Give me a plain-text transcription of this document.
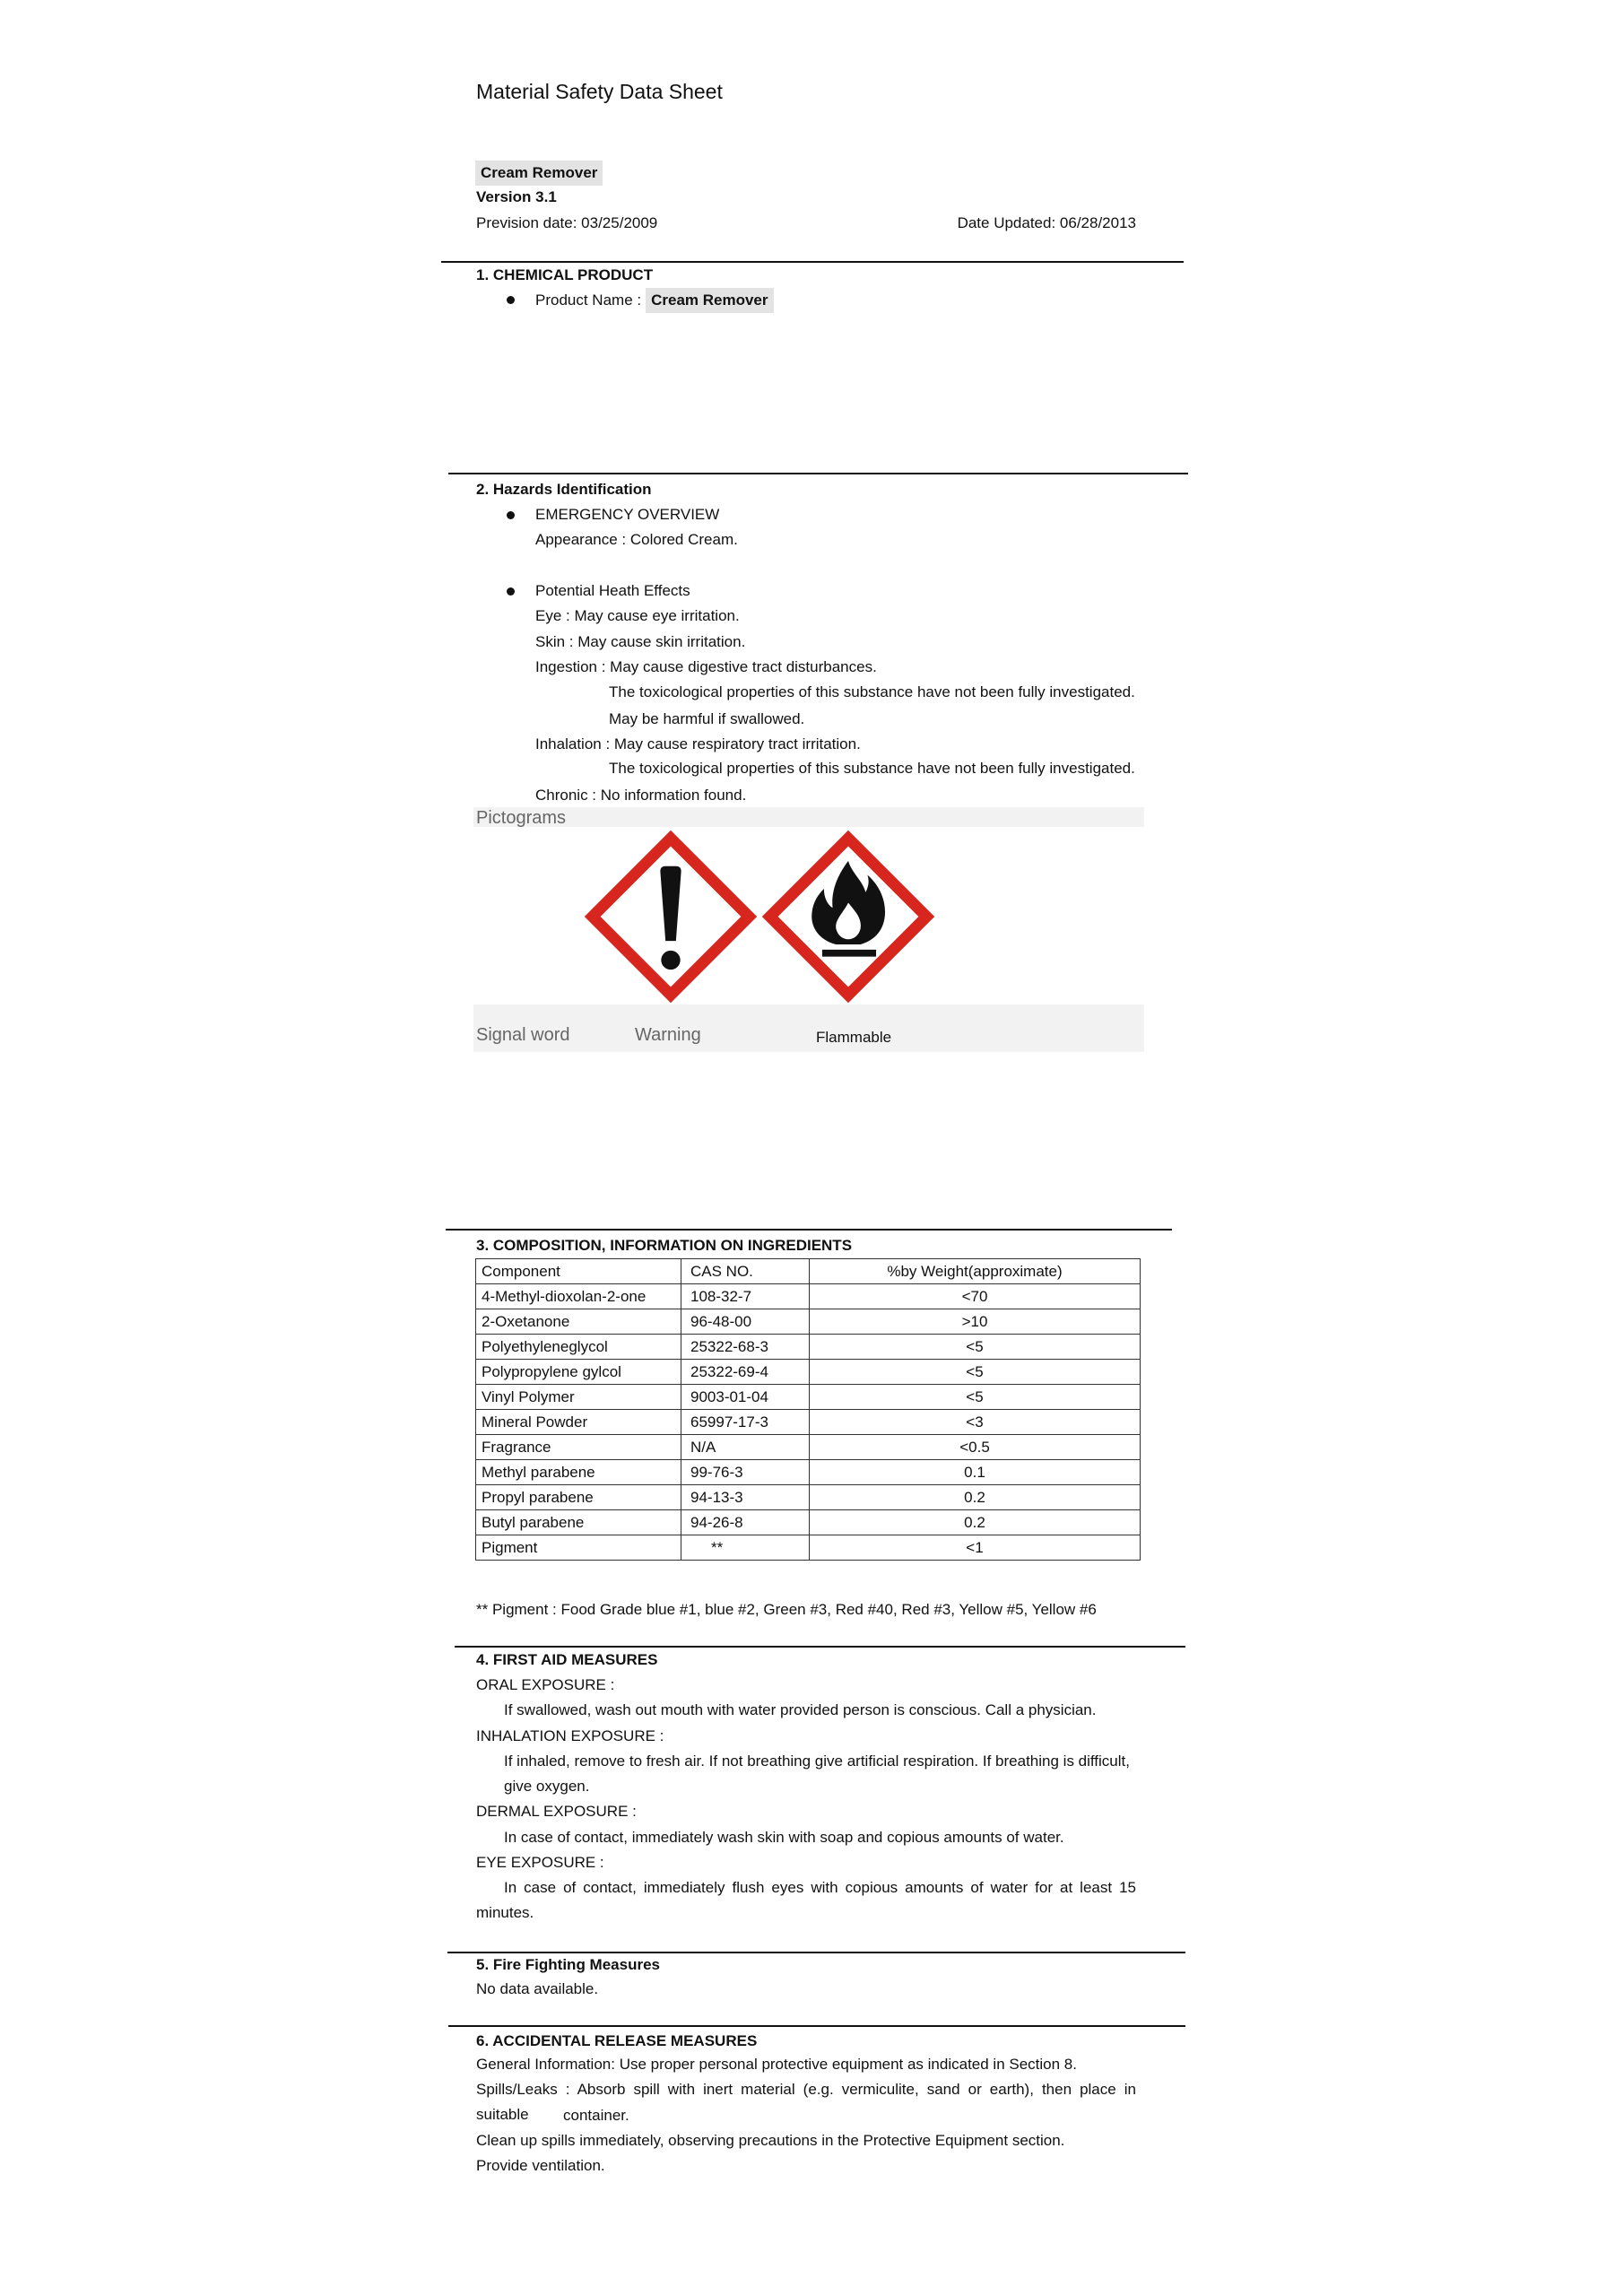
Material Safety Data Sheet
Cream Remover
Version 3.1
Prevision date: 03/25/2009	Date Updated: 06/28/2013
1. CHEMICAL PRODUCT
Product Name : Cream Remover
2. Hazards Identification
EMERGENCY OVERVIEW
Appearance : Colored Cream.
Potential Heath Effects
Eye : May cause eye irritation.
Skin : May cause skin irritation.
Ingestion : May cause digestive tract disturbances.
The toxicological properties of this substance have not been fully investigated.
May be harmful if swallowed.
Inhalation : May cause respiratory tract irritation.
The toxicological properties of this substance have not been fully investigated.
Chronic : No information found.
Pictograms
Signal word	Warning	Flammable
3. COMPOSITION, INFORMATION ON INGREDIENTS
Component	CAS NO.	%by Weight(approximate)
4-Methyl-dioxolan-2-one	108-32-7	<70
2-Oxetanone	96-48-00	>10
Polyethyleneglycol	25322-68-3	<5
Polypropylene gylcol	25322-69-4	<5
Vinyl Polymer	9003-01-04	<5
Mineral Powder	65997-17-3	<3
Fragrance	N/A	<0.5
Methyl parabene	99-76-3	0.1
Propyl parabene	94-13-3	0.2
Butyl parabene	94-26-8	0.2
Pigment	**	<1
** Pigment : Food Grade blue #1, blue #2, Green #3, Red #40, Red #3, Yellow #5, Yellow #6
4. FIRST AID MEASURES
ORAL EXPOSURE :
If swallowed, wash out mouth with water provided person is conscious. Call a physician.
INHALATION EXPOSURE :
If inhaled, remove to fresh air. If not breathing give artificial respiration. If breathing is difficult,
give oxygen.
DERMAL EXPOSURE :
In case of contact, immediately wash skin with soap and copious amounts of water.
EYE EXPOSURE :
In case of contact, immediately flush eyes with copious amounts of water for at least 15
minutes.
5. Fire Fighting Measures
No data available.
6. ACCIDENTAL RELEASE MEASURES
General Information: Use proper personal protective equipment as indicated in Section 8.
Spills/Leaks : Absorb spill with inert material (e.g. vermiculite, sand or earth), then place in suitable	container.
Clean up spills immediately, observing precautions in the Protective Equipment section.
Provide ventilation.
